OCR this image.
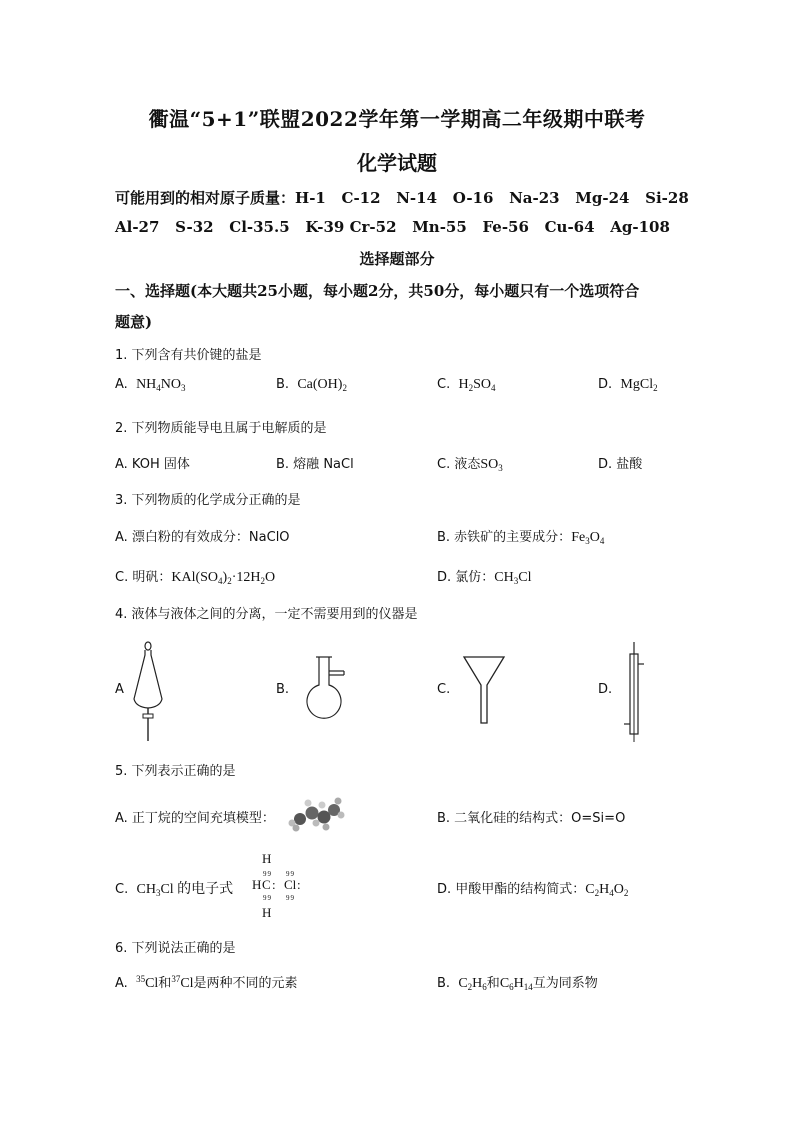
衢温“5+1”联盟2022学年第一学期高二年级期中联考
化学试题
可能用到的相对原子质量：H-1   C-12   N-14   O-16   Na-23   Mg-24   Si-28
Al-27   S-32   Cl-35.5   K-39 Cr-52   Mn-55   Fe-56   Cu-64   Ag-108
选择题部分
一、选择题(本大题共25小题，每小题2分，共50分，每小题只有一个选项符合
题意)
1. 下列含有共价键的盐是
A. $NH_4NO_3$	B. $Ca(OH)_2$	C. $H_2SO_4$	D. MgCl$_2$
2. 下列物质能导电且属于电解质的是
A. KOH 固体	B. 熔融 NaCl	C. 液态$SO_3$	D. 盐酸
3. 下列物质的化学成分正确的是
A. 漂白粉的有效成分：NaClO	B. 赤铁矿的主要成分：$Fe_3O_4$
C. 明矾：$KAl(SO_4)_2\cdot 12H_2O$	D. 氯仿：$CH_3Cl$
4. 液体与液体之间的分离，一定不需要用到的仪器是
A	B.	C.	D.
5. 下列表示正确的是
A. 正丁烷的空间充填模型：	B. 二氧化硅的结构式：O=Si=O
C. $CH_3Cl$ 的电子式
H
99 99
H C : Cl :
99 99
H
D. 甲酸甲酯的结构简式：$C_2H_4O_2$
6. 下列说法正确的是
A. $^{35}$Cl和$^{37}$Cl是两种不同的元素	B. $C_2H_6$和$C_6H_{14}$互为同系物
